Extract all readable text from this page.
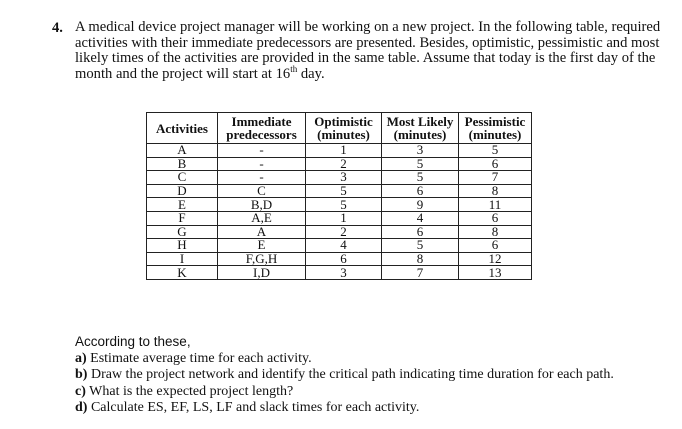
4. A medical device project manager will be working on a new project. In the following table, required
activities with their immediate predecessors are presented. Besides, optimistic, pessimistic and most
likely times of the activities are provided in the same table. Assume that today is the first day of the
month and the project will start at 16th day.
Activities	Immediate predecessors	Optimistic (minutes)	Most Likely (minutes)	Pessimistic (minutes)
A	-	1	3	5
B	-	2	5	6
C	-	3	5	7
D	C	5	6	8
E	B,D	5	9	11
F	A,E	1	4	6
G	A	2	6	8
H	E	4	5	6
I	F,G,H	6	8	12
K	I,D	3	7	13
According to these,
a) Estimate average time for each activity.
b) Draw the project network and identify the critical path indicating time duration for each path.
c) What is the expected project length?
d) Calculate ES, EF, LS, LF and slack times for each activity.
